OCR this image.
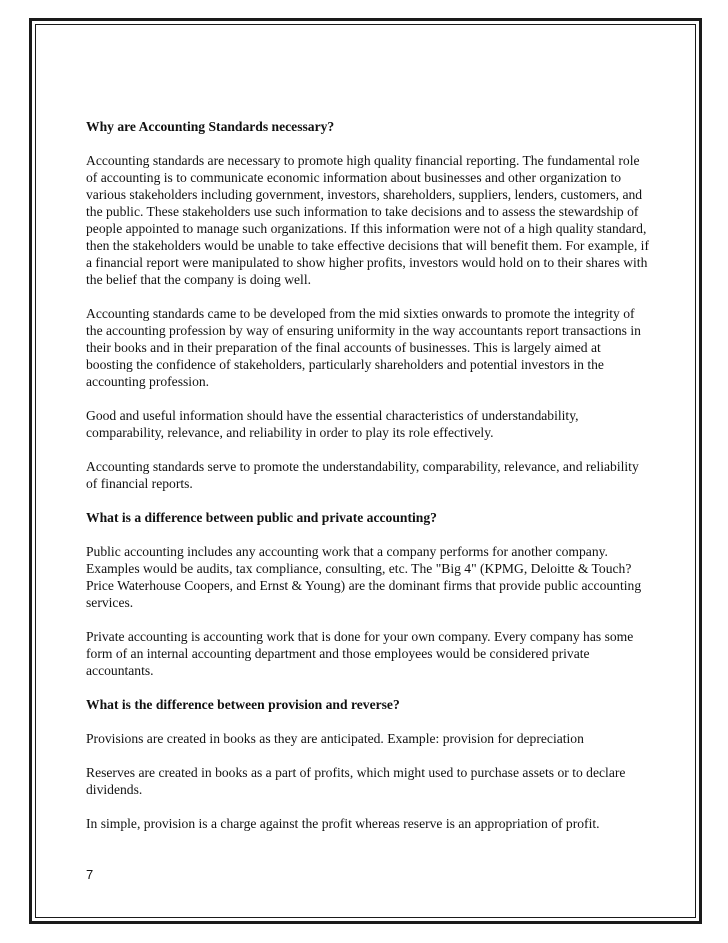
Why are Accounting Standards necessary?

Accounting standards are necessary to promote high quality financial reporting. The fundamental role of accounting is to communicate economic information about businesses and other organization to various stakeholders including government, investors, shareholders, suppliers, lenders, customers, and the public. These stakeholders use such information to take decisions and to assess the stewardship of people appointed to manage such organizations. If this information were not of a high quality standard, then the stakeholders would be unable to take effective decisions that will benefit them. For example, if a financial report were manipulated to show higher profits, investors would hold on to their shares with the belief that the company is doing well.

Accounting standards came to be developed from the mid sixties onwards to promote the integrity of the accounting profession by way of ensuring uniformity in the way accountants report transactions in their books and in their preparation of the final accounts of businesses. This is largely aimed at boosting the confidence of stakeholders, particularly shareholders and potential investors in the accounting profession.

Good and useful information should have the essential characteristics of understandability, comparability, relevance, and reliability in order to play its role effectively.

Accounting standards serve to promote the understandability, comparability, relevance, and reliability of financial reports.

What is a difference between public and private accounting?

Public accounting includes any accounting work that a company performs for another company. Examples would be audits, tax compliance, consulting, etc. The "Big 4" (KPMG, Deloitte & Touch?Price Waterhouse Coopers, and Ernst & Young) are the dominant firms that provide public accounting services.

Private accounting is accounting work that is done for your own company. Every company has some form of an internal accounting department and those employees would be considered private accountants.

What is the difference between provision and reverse?

Provisions are created in books as they are anticipated. Example: provision for depreciation

Reserves are created in books as a part of profits, which might used to purchase assets or to declare dividends.

In simple, provision is a charge against the profit whereas reserve is an appropriation of profit.

7
